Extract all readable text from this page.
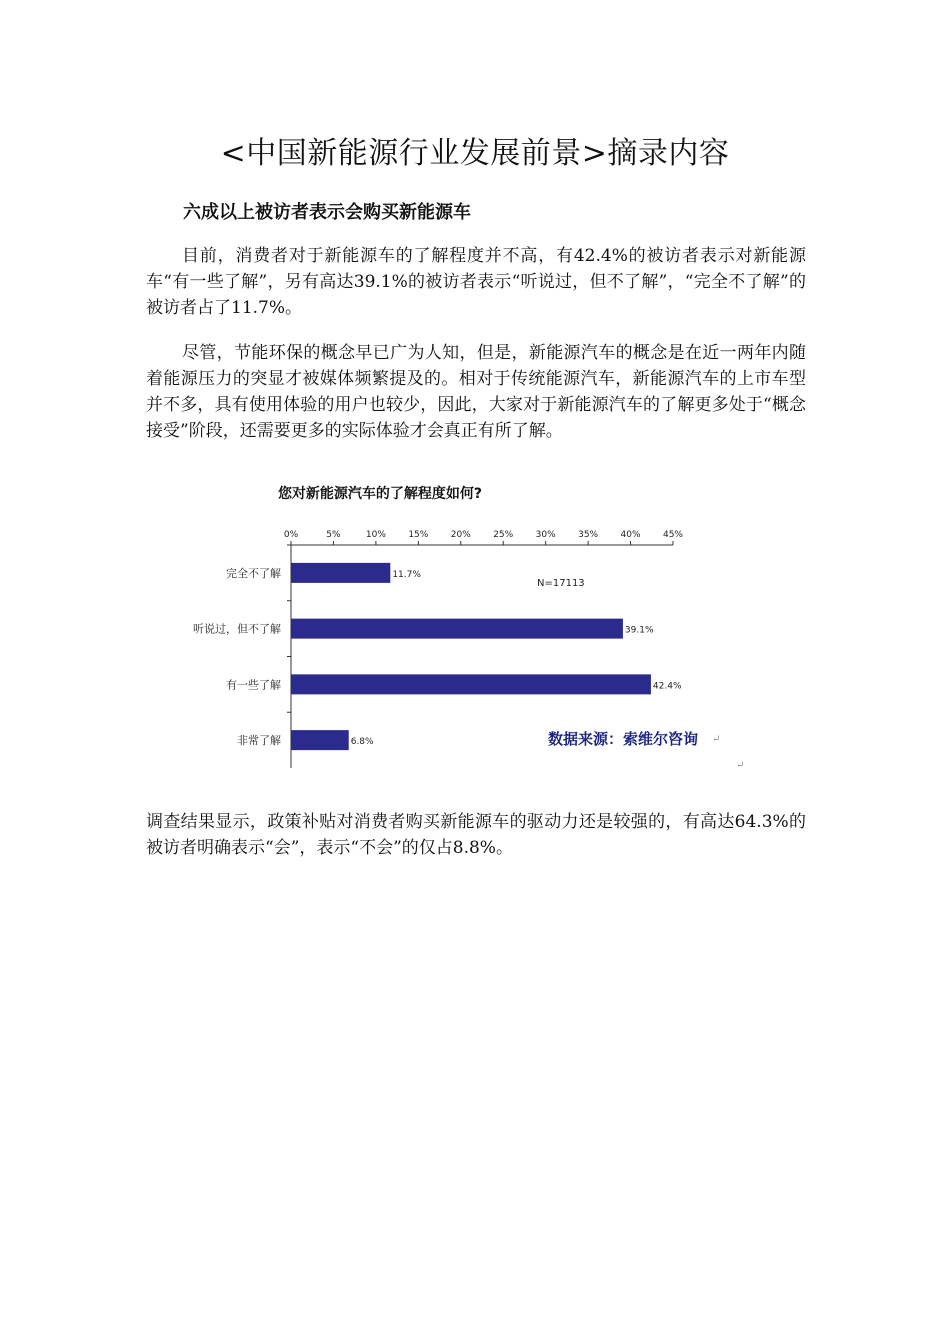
<中国新能源行业发展前景>摘录内容
六成以上被访者表示会购买新能源车

目前，消费者对于新能源车的了解程度并不高，有42.4%的被访者表示对新能源车“有一些了解”，另有高达39.1%的被访者表示“听说过，但不了解”，“完全不了解”的被访者占了11.7%。

尽管，节能环保的概念早已广为人知，但是，新能源汽车的概念是在近一两年内随着能源压力的突显才被媒体频繁提及的。相对于传统能源汽车，新能源汽车的上市车型并不多，具有使用体验的用户也较少，因此，大家对于新能源汽车的了解更多处于“概念接受”阶段，还需要更多的实际体验才会真正有所了解。

您对新能源汽车的了解程度如何?
0%	5%	10% 15% 20% 25% 30% 35% 40% 45%
完全不了解
听说过，但不了解
有一些了解
非常了解
11.7%
39.1%
42.4%
6.8%
N=17113
数据来源：索维尔咨询 ↵
↵

调查结果显示，政策补贴对消费者购买新能源车的驱动力还是较强的，有高达64.3%的被访者明确表示“会”，表示“不会”的仅占8.8%。
